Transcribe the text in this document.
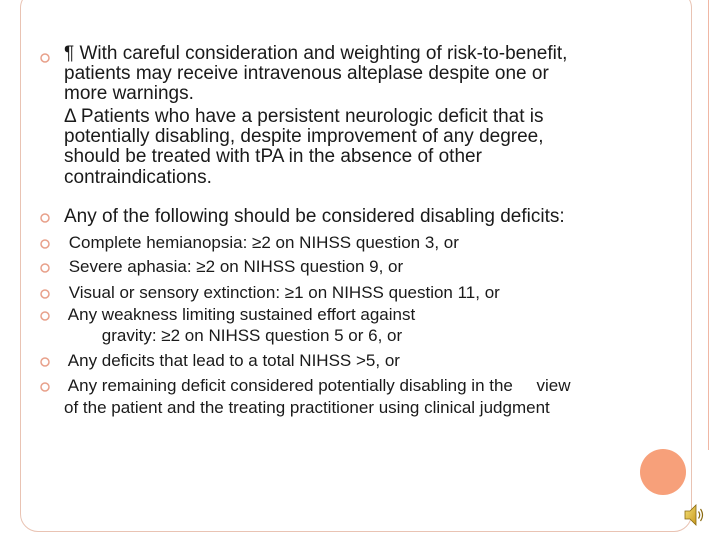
¶ With careful consideration and weighting of risk-to-benefit,
patients may receive intravenous alteplase despite one or
more warnings.
Δ Patients who have a persistent neurologic deficit that is
potentially disabling, despite improvement of any degree,
should be treated with tPA in the absence of other
contraindications.
Any of the following should be considered disabling deficits:
Complete hemianopsia: ≥2 on NIHSS question 3, or
Severe aphasia: ≥2 on NIHSS question 9, or
Visual or sensory extinction: ≥1 on NIHSS question 11, or
Any weakness limiting sustained effort against
gravity: ≥2 on NIHSS question 5 or 6, or
Any deficits that lead to a total NIHSS >5, or
Any remaining deficit considered potentially disabling in the     view
of the patient and the treating practitioner using clinical judgment
